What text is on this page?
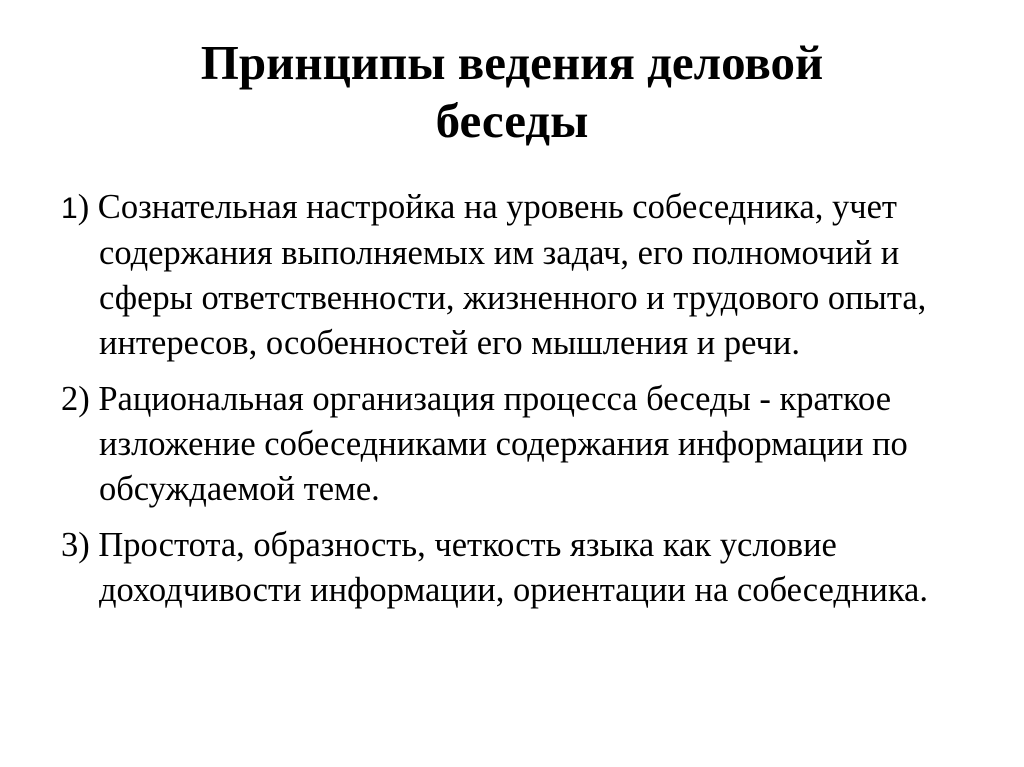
Принципы ведения деловой
беседы

1) Сознательная настройка на уровень собеседника, учет содержания выполняемых им задач, его полномочий и сферы ответственности, жизненного и трудового опыта, интересов, особенностей его мышления и речи.

2) Рациональная организация процесса беседы - краткое изложение собеседниками содержания информации по обсуждаемой теме.

3) Простота, образность, четкость языка как условие доходчивости информации, ориентации на собеседника.
